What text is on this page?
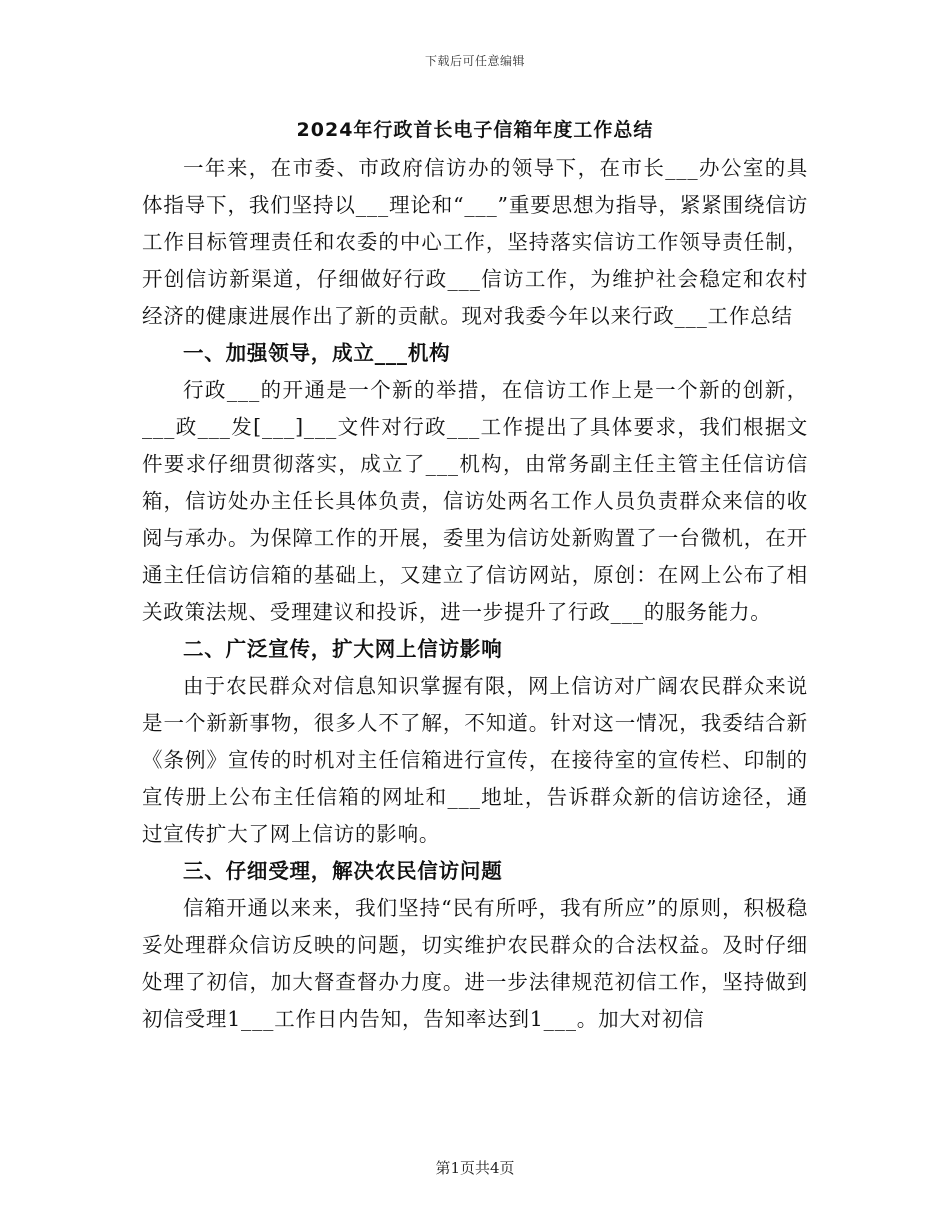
下载后可任意编辑
2024年行政首长电子信箱年度工作总结

一年来，在市委、市政府信访办的领导下，在市长___办公室的具体指导下，我们坚持以___理论和“___”重要思想为指导，紧紧围绕信访工作目标管理责任和农委的中心工作，坚持落实信访工作领导责任制，开创信访新渠道，仔细做好行政___信访工作，为维护社会稳定和农村经济的健康进展作出了新的贡献。现对我委今年以来行政___工作总结

一、加强领导，成立___机构

行政___的开通是一个新的举措，在信访工作上是一个新的创新，___政___发[___]___文件对行政___工作提出了具体要求，我们根据文件要求仔细贯彻落实，成立了___机构，由常务副主任主管主任信访信箱，信访处办主任长具体负责，信访处两名工作人员负责群众来信的收阅与承办。为保障工作的开展，委里为信访处新购置了一台微机，在开通主任信访信箱的基础上，又建立了信访网站，原创：在网上公布了相关政策法规、受理建议和投诉，进一步提升了行政___的服务能力。

二、广泛宣传，扩大网上信访影响

由于农民群众对信息知识掌握有限，网上信访对广阔农民群众来说是一个新新事物，很多人不了解，不知道。针对这一情况，我委结合新《条例》宣传的时机对主任信箱进行宣传，在接待室的宣传栏、印制的宣传册上公布主任信箱的网址和___地址，告诉群众新的信访途径，通过宣传扩大了网上信访的影响。

三、仔细受理，解决农民信访问题

信箱开通以来来，我们坚持“民有所呼，我有所应”的原则，积极稳妥处理群众信访反映的问题，切实维护农民群众的合法权益。及时仔细处理了初信，加大督查督办力度。进一步法律规范初信工作，坚持做到初信受理1___工作日内告知，告知率达到1___。加大对初信

第1页共4页
